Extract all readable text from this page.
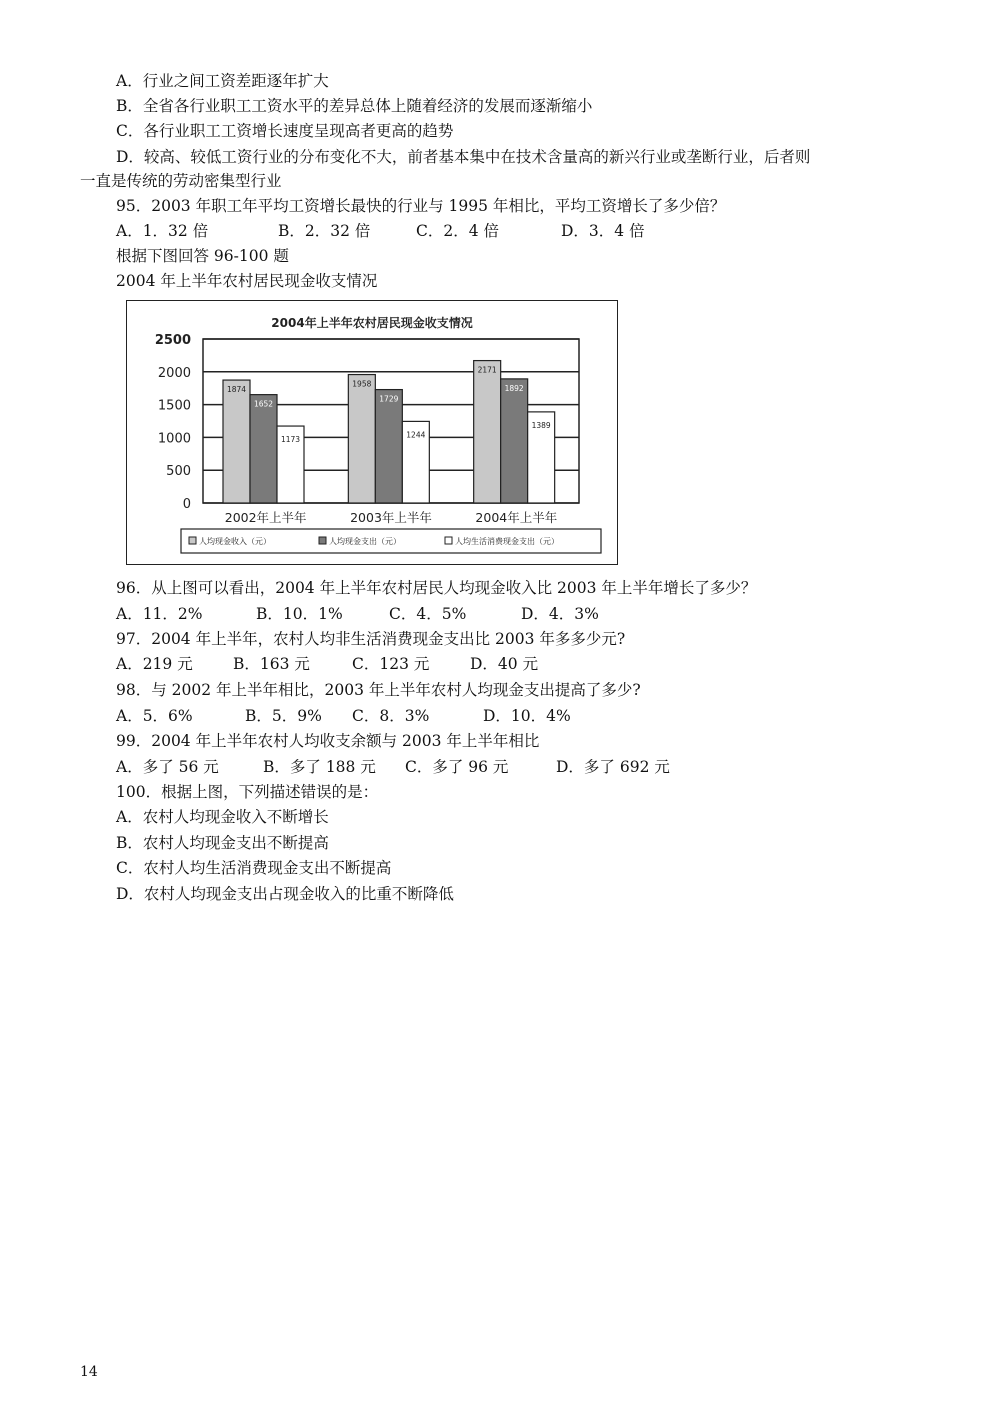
A．行业之间工资差距逐年扩大
B．全省各行业职工工资水平的差异总体上随着经济的发展而逐渐缩小
C．各行业职工工资增长速度呈现高者更高的趋势
D．较高、较低工资行业的分布变化不大，前者基本集中在技术含量高的新兴行业或垄断行业，后者则
一直是传统的劳动密集型行业
95．2003 年职工年平均工资增长最快的行业与 1995 年相比，平均工资增长了多少倍？
A．1．32 倍	B．2．32 倍	C．2．4 倍	D．3．4 倍
根据下图回答 96-100 题
2004 年上半年农村居民现金收支情况
2004年上半年农村居民现金收支情况
2500
2000
1500
1000
500
0
1874
1652
1173
1958
1729
1244
2171
1892
1389
2002年上半年	2003年上半年	2004年上半年
人均现金收入（元）	人均现金支出（元）	人均生活消费现金支出（元）
96．从上图可以看出，2004 年上半年农村居民人均现金收入比 2003 年上半年增长了多少？
A．11．2%	B．10．1%	C．4．5%	D．4．3%
97．2004 年上半年，农村人均非生活消费现金支出比 2003 年多多少元?
A．219 元	B．163 元	C．123 元	D．40 元
98．与 2002 年上半年相比，2003 年上半年农村人均现金支出提高了多少?
A．5．6%	B．5．9% C．8．3%	D．10．4%
99．2004 年上半年农村人均收支余额与 2003 年上半年相比
A．多了 56 元	B．多了 188 元 C．多了 96 元	D．多了 692 元
100．根据上图，下列描述错误的是：
A．农村人均现金收入不断增长
B．农村人均现金支出不断提高
C．农村人均生活消费现金支出不断提高
D．农村人均现金支出占现金收入的比重不断降低
14
